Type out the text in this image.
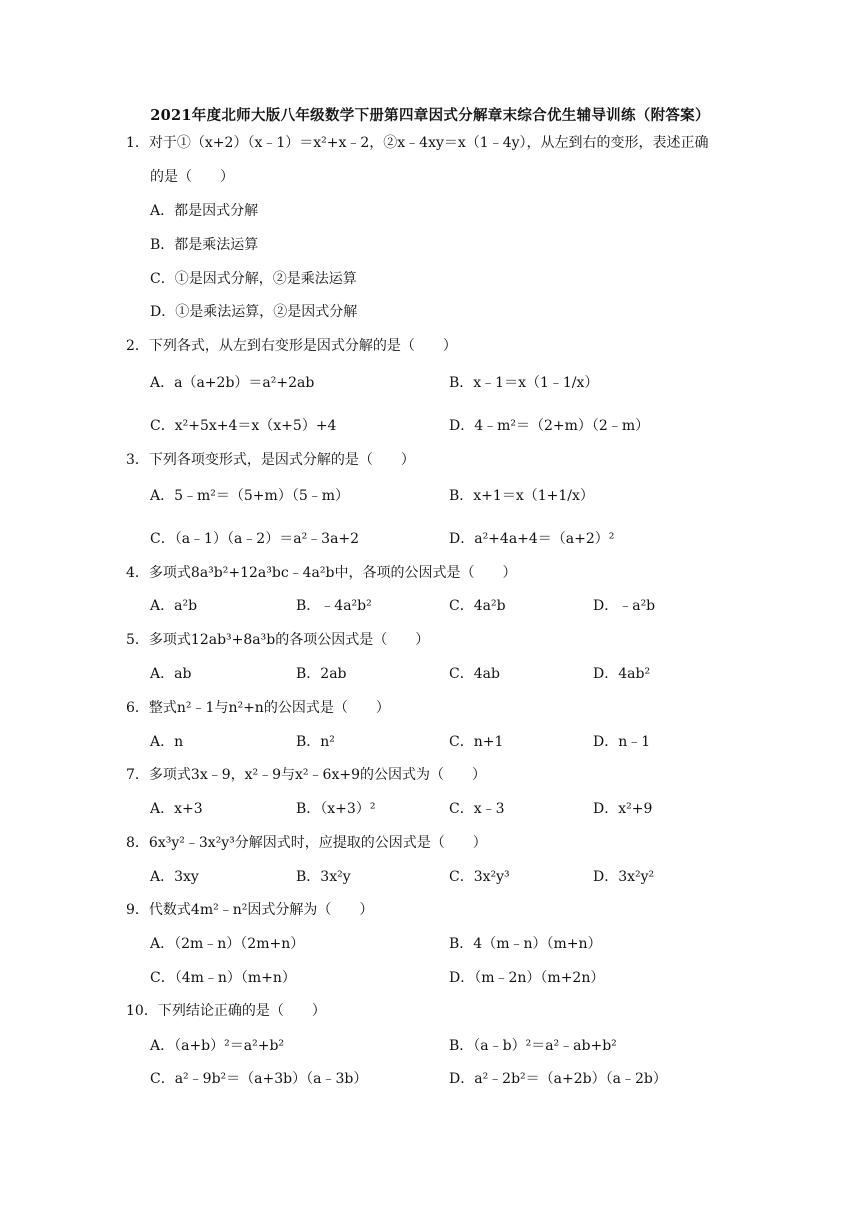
2021年度北师大版八年级数学下册第四章因式分解章末综合优生辅导训练（附答案）
1．对于①（x+2）（x﹣1）＝x²+x﹣2，②x﹣4xy＝x（1﹣4y），从左到右的变形，表述正确
的是（　　）
A．都是因式分解
B．都是乘法运算
C．①是因式分解，②是乘法运算
D．①是乘法运算，②是因式分解
2．下列各式，从左到右变形是因式分解的是（　　）
A．a（a+2b）＝a²+2ab	B．x﹣1＝x（1﹣1/x）
C．x²+5x+4＝x（x+5）+4	D．4﹣m²＝（2+m）（2﹣m）
3．下列各项变形式，是因式分解的是（　　）
A．5﹣m²＝（5+m）（5﹣m）	B．x+1＝x（1+1/x）
C．（a﹣1）（a﹣2）＝a²﹣3a+2	D．a²+4a+4＝（a+2）²
4．多项式8a³b²+12a³bc﹣4a²b中，各项的公因式是（　　）
A．a²b	B．﹣4a²b²	C．4a²b	D．﹣a²b
5．多项式12ab³+8a³b的各项公因式是（　　）
A．ab	B．2ab	C．4ab	D．4ab²
6．整式n²﹣1与n²+n的公因式是（　　）
A．n	B．n²	C．n+1	D．n﹣1
7．多项式3x﹣9，x²﹣9与x²﹣6x+9的公因式为（　　）
A．x+3	B．（x+3）²	C．x﹣3	D．x²+9
8．6x³y²﹣3x²y³分解因式时，应提取的公因式是（　　）
A．3xy	B．3x²y	C．3x²y³	D．3x²y²
9．代数式4m²﹣n²因式分解为（　　）
A．（2m﹣n）（2m+n）	B．4（m﹣n）（m+n）
C．（4m﹣n）（m+n）	D．（m﹣2n）（m+2n）
10．下列结论正确的是（　　）
A．（a+b）²＝a²+b²	B．（a﹣b）²＝a²﹣ab+b²
C．a²﹣9b²＝（a+3b）（a﹣3b）	D．a²﹣2b²＝（a+2b）（a﹣2b）
